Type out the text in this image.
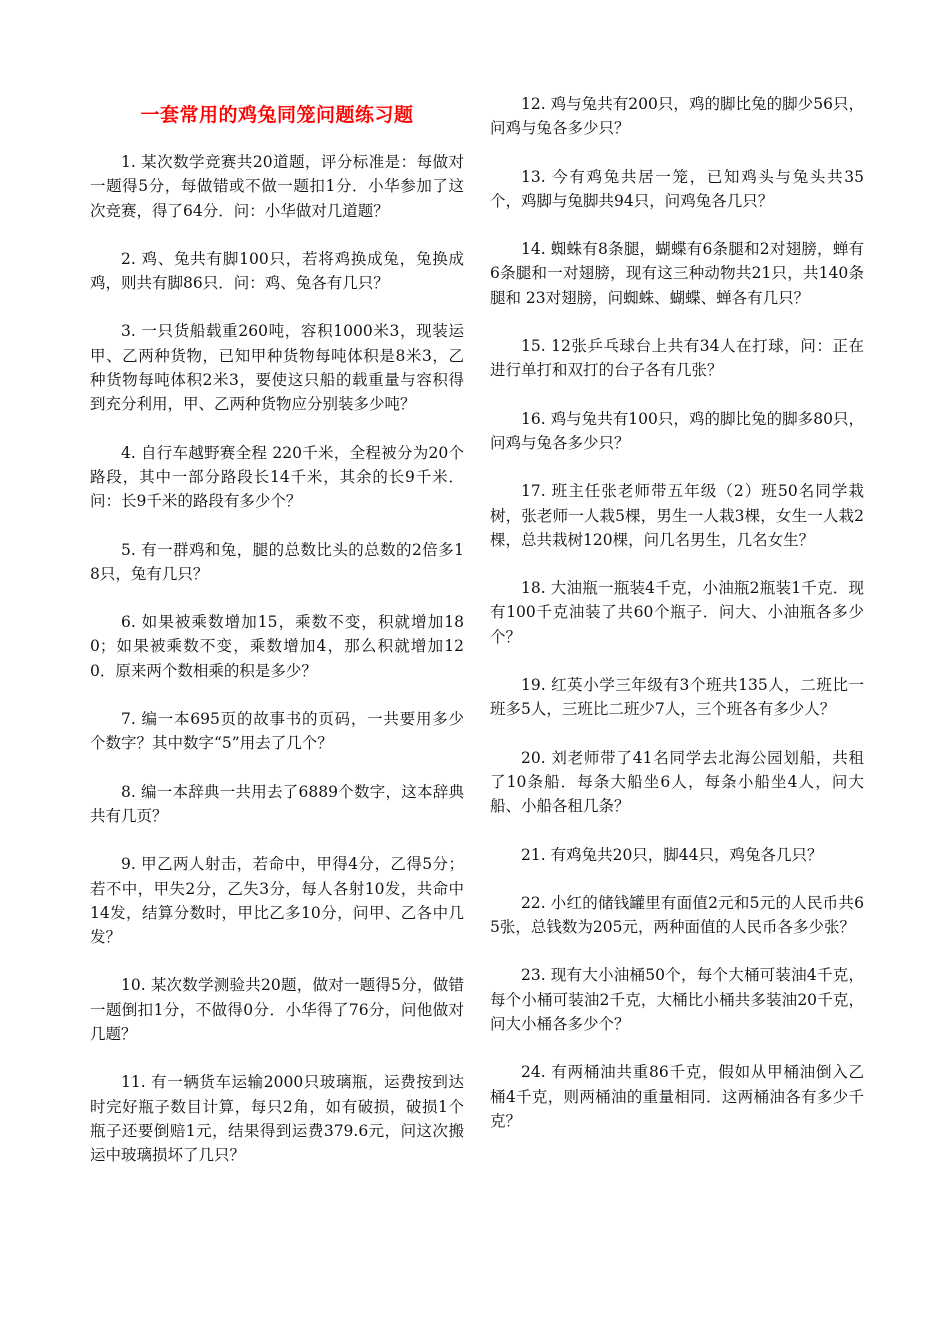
一套常用的鸡兔同笼问题练习题

1. 某次数学竞赛共20道题，评分标准是：每做对一题得5分，每做错或不做一题扣1分．小华参加了这次竞赛，得了64分．问：小华做对几道题？

2. 鸡、兔共有脚100只，若将鸡换成兔，兔换成鸡，则共有脚86只．问：鸡、兔各有几只？

3. 一只货船载重260吨，容积1000米3，现装运甲、乙两种货物，已知甲种货物每吨体积是8米3，乙种货物每吨体积2米3，要使这只船的载重量与容积得到充分利用，甲、乙两种货物应分别装多少吨？

4. 自行车越野赛全程 220千米，全程被分为20个路段，其中一部分路段长14千米，其余的长9千米．问：长9千米的路段有多少个？

5. 有一群鸡和兔，腿的总数比头的总数的2倍多18只，兔有几只？

6. 如果被乘数增加15，乘数不变，积就增加180；如果被乘数不变，乘数增加4，那么积就增加120．原来两个数相乘的积是多少？

7. 编一本695页的故事书的页码，一共要用多少个数字？其中数字“5”用去了几个？

8. 编一本辞典一共用去了6889个数字，这本辞典共有几页？

9. 甲乙两人射击，若命中，甲得4分，乙得5分；若不中，甲失2分，乙失3分，每人各射10发，共命中14发，结算分数时，甲比乙多10分，问甲、乙各中几发？

10. 某次数学测验共20题，做对一题得5分，做错一题倒扣1分，不做得0分．小华得了76分，问他做对几题？

11. 有一辆货车运输2000只玻璃瓶，运费按到达时完好瓶子数目计算，每只2角，如有破损，破损1个瓶子还要倒赔1元，结果得到运费379.6元，问这次搬运中玻璃损坏了几只？

12. 鸡与兔共有200只，鸡的脚比兔的脚少56只，问鸡与兔各多少只？

13. 今有鸡兔共居一笼，已知鸡头与兔头共35个，鸡脚与兔脚共94只，问鸡兔各几只？

14. 蜘蛛有8条腿，蝴蝶有6条腿和2对翅膀，蝉有6条腿和一对翅膀，现有这三种动物共21只，共140条腿和 23对翅膀，问蜘蛛、蝴蝶、蝉各有几只？

15. 12张乒乓球台上共有34人在打球，问：正在进行单打和双打的台子各有几张？

16. 鸡与兔共有100只，鸡的脚比兔的脚多80只，问鸡与兔各多少只？

17. 班主任张老师带五年级（2）班50名同学栽树，张老师一人栽5棵，男生一人栽3棵，女生一人栽2棵，总共栽树120棵，问几名男生，几名女生？

18. 大油瓶一瓶装4千克，小油瓶2瓶装1千克．现有100千克油装了共60个瓶子．问大、小油瓶各多少个？

19. 红英小学三年级有3个班共135人，二班比一班多5人，三班比二班少7人，三个班各有多少人？

20. 刘老师带了41名同学去北海公园划船，共租了10条船．每条大船坐6人，每条小船坐4人，问大船、小船各租几条？

21. 有鸡兔共20只，脚44只，鸡兔各几只？

22. 小红的储钱罐里有面值2元和5元的人民币共65张，总钱数为205元，两种面值的人民币各多少张？

23. 现有大小油桶50个，每个大桶可装油4千克，每个小桶可装油2千克，大桶比小桶共多装油20千克，问大小桶各多少个？

24. 有两桶油共重86千克，假如从甲桶油倒入乙桶4千克，则两桶油的重量相同．这两桶油各有多少千克？
